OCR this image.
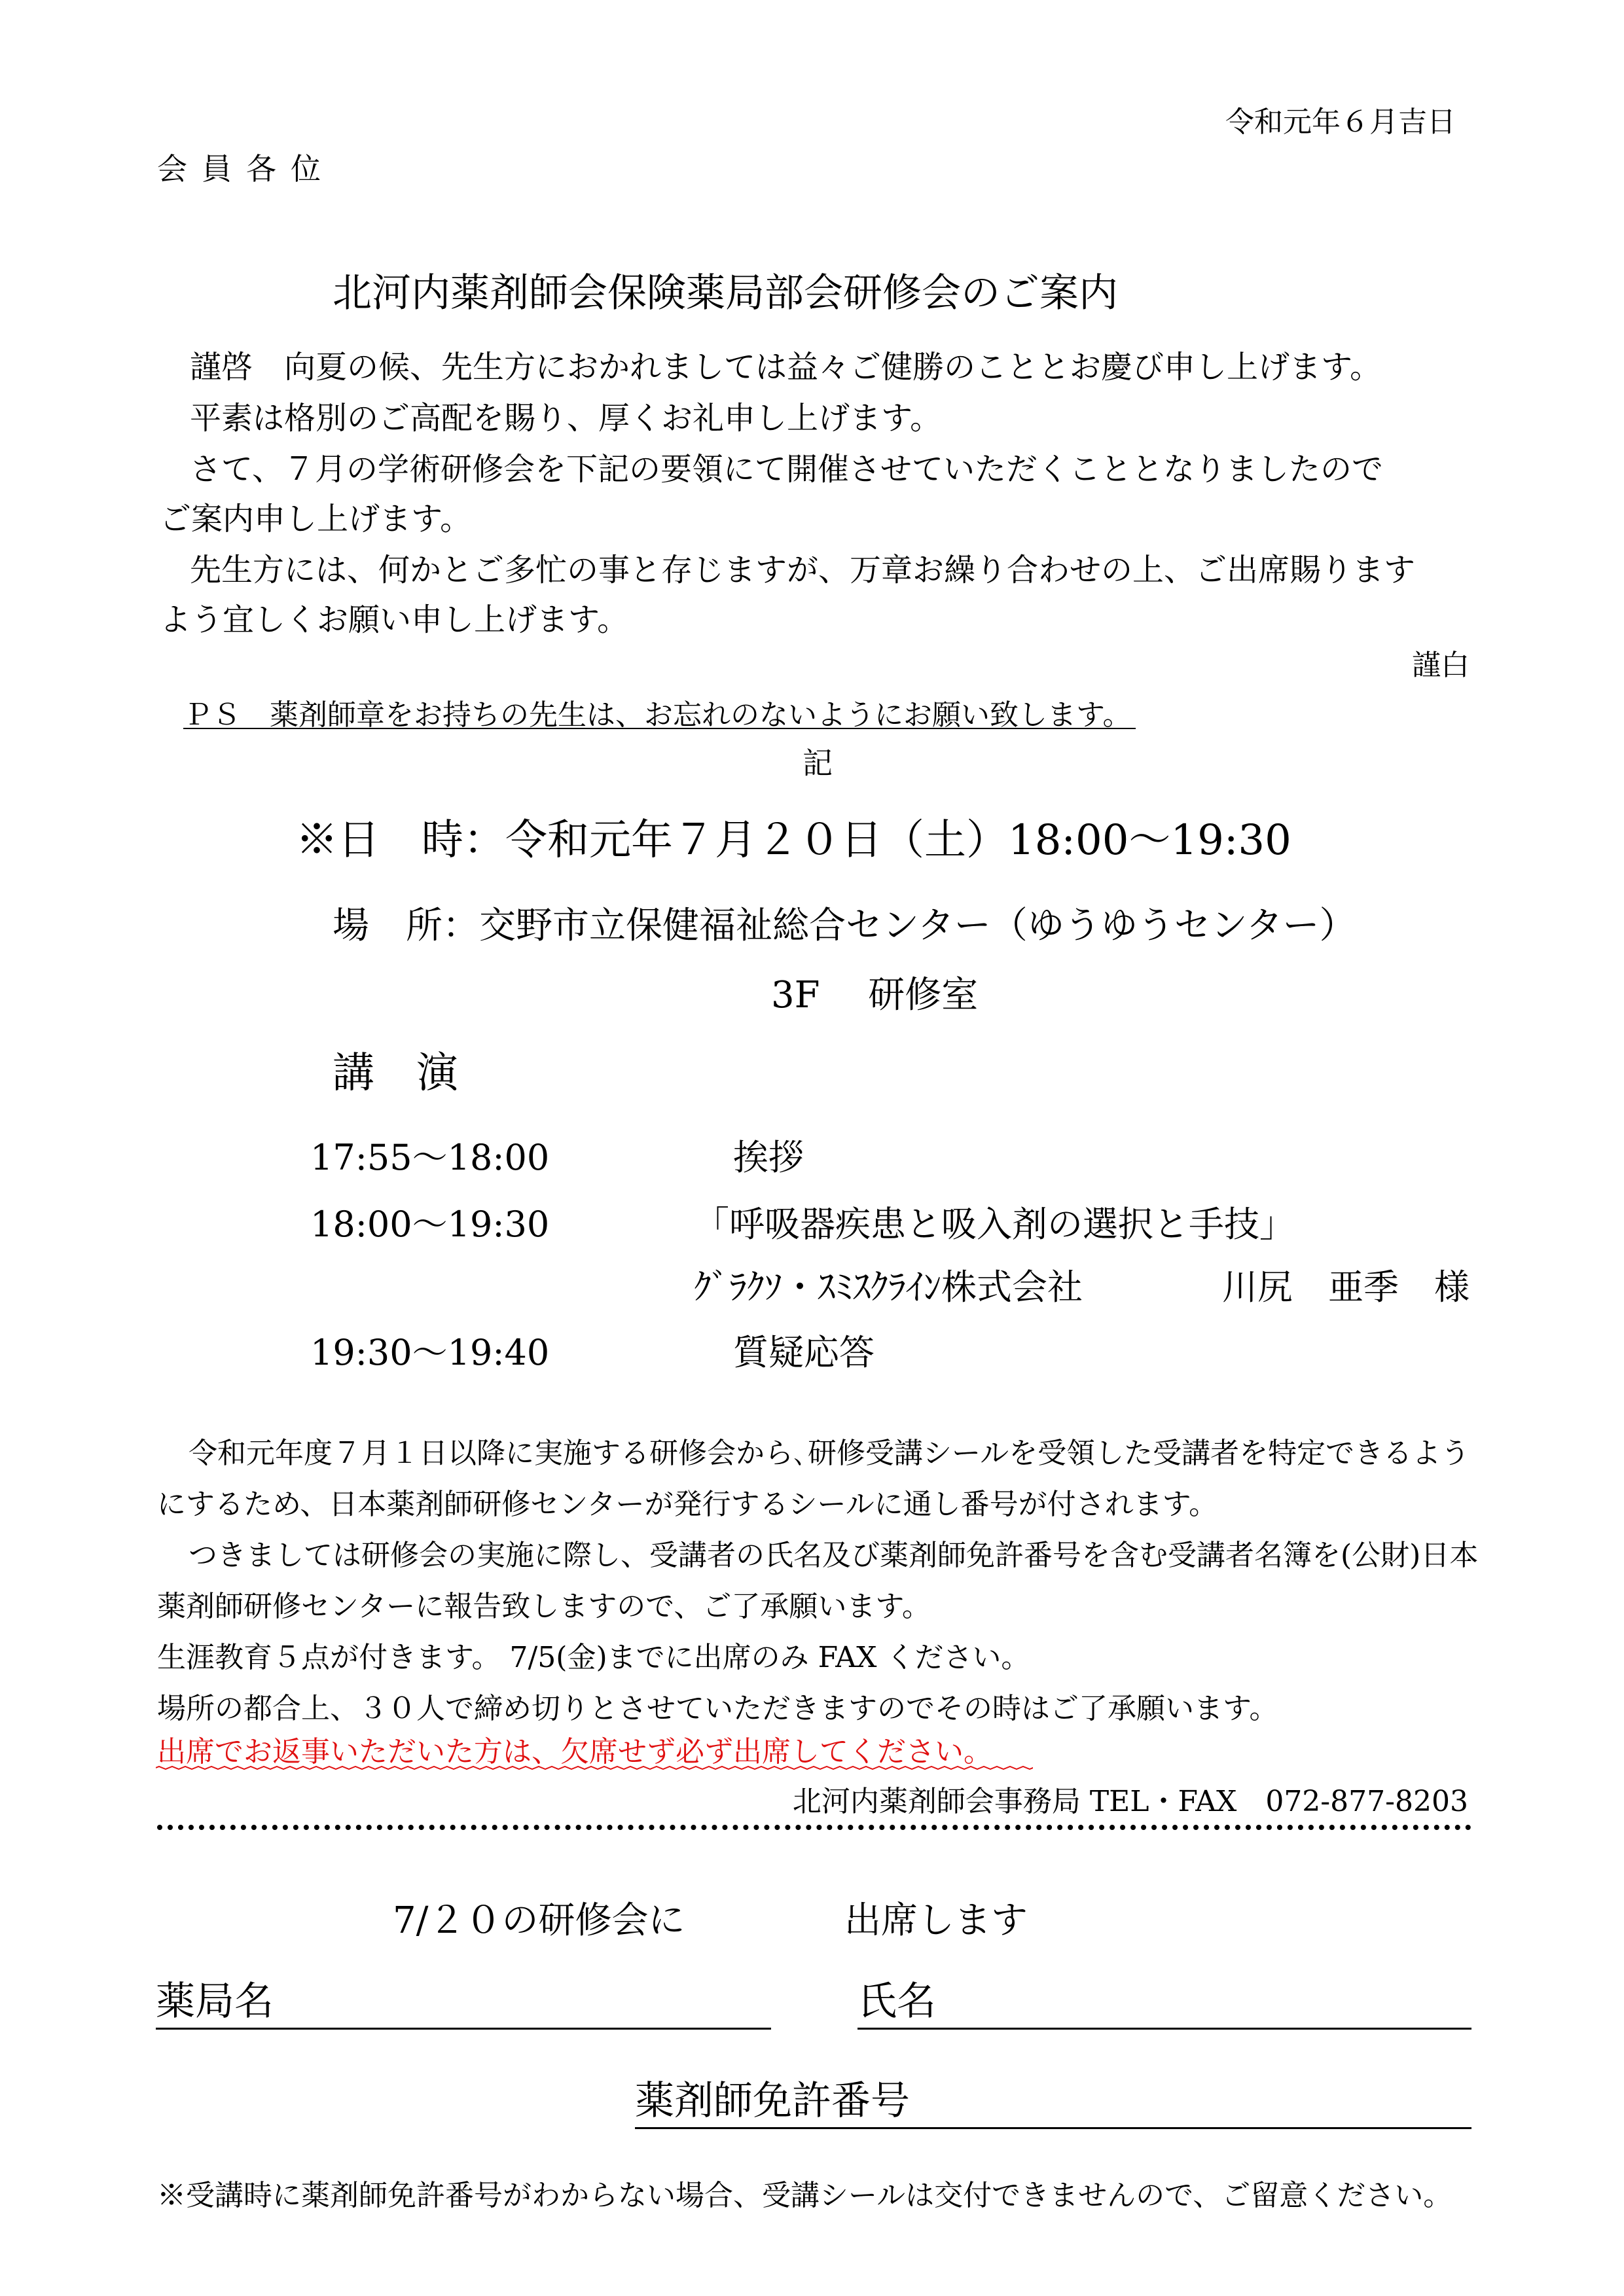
令和元年６月吉日
会員各位
北河内薬剤師会保険薬局部会研修会のご案内
謹啓　向夏の候、先生方におかれましては益々ご健勝のこととお慶び申し上げます。
平素は格別のご高配を賜り、厚くお礼申し上げます。
さて、７月の学術研修会を下記の要領にて開催させていただくこととなりましたので
ご案内申し上げます。
先生方には、何かとご多忙の事と存じますが、万章お繰り合わせの上、ご出席賜ります
よう宜しくお願い申し上げます。
謹白
ＰＳ　薬剤師章をお持ちの先生は、お忘れのないようにお願い致します。
記
※日　時：令和元年７月２０日（土）18:00〜19:30
場　所：交野市立保健福祉総合センター（ゆうゆうセンター）
3F　 研修室
講　演
17:55〜18:00	挨拶
18:00〜19:30	「呼吸器疾患と吸入剤の選択と手技」
ｸﾞﾗｸｿ・ｽﾐｽｸﾗｲﾝ株式会社	川尻　亜季　様
19:30〜19:40	質疑応答
令和元年度７月１日以降に実施する研修会から､研修受講シールを受領した受講者を特定できるよう
にするため、日本薬剤師研修センターが発行するシールに通し番号が付されます。
つきましては研修会の実施に際し、受講者の氏名及び薬剤師免許番号を含む受講者名簿を(公財)日本
薬剤師研修センターに報告致しますので、ご了承願います。
生涯教育５点が付きます。 7/5(金)までに出席のみ FAX ください。
場所の都合上、３０人で締め切りとさせていただきますのでその時はご了承願います。
出席でお返事いただいた方は、欠席せず必ず出席してください。
北河内薬剤師会事務局 TEL・FAX　072-877-8203
7/２０の研修会に	出席します
薬局名	氏名
薬剤師免許番号
※受講時に薬剤師免許番号がわからない場合、受講シールは交付できませんので、ご留意ください。
